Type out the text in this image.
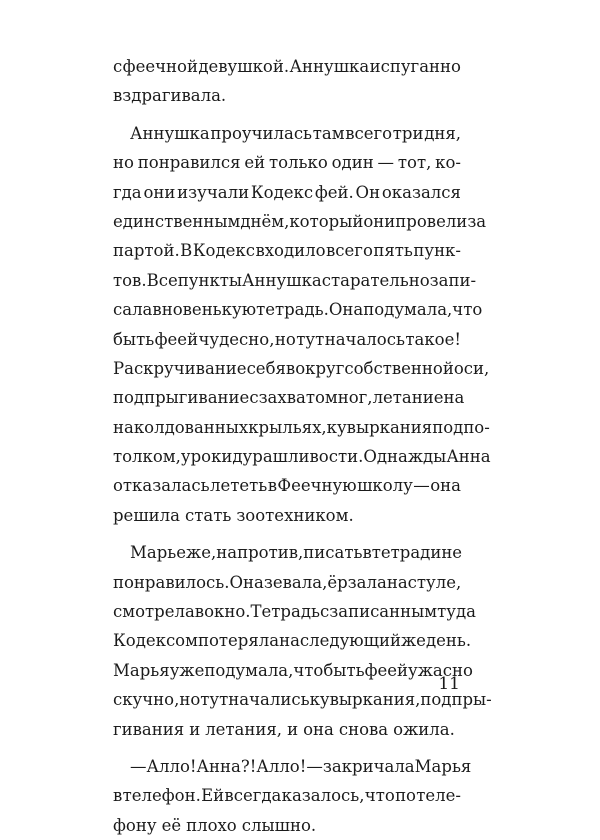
с феечной девушкой. Аннушка испуганно
вздрагивала.
Аннушка проучилась там всего три дня,
но понравился ей только один — тот, ко-
гда они изучали Кодекс фей. Он оказался
единственным днём, который они провели за
партой. В Кодекс входило всего пять пунк-
тов. Все пункты Аннушка старательно запи-
сала в новенькую тетрадь. Она подумала, что
быть феей чудесно, но тут началось такое!
Раскручивание себя вокруг собственной оси,
подпрыгивание с захватом ног, летание на
наколдованных крыльях, кувыркания под по-
толком, уроки дурашливости. Однажды Анна
отказалась лететь в Феечную школу — она
решила стать зоотехником.
Марье же, напротив, писать в тетради не
понравилось. Она зевала, ёрзала на стуле,
смотрела в окно. Тетрадь с записанным туда
Кодексом потеряла на следующий же день.
Марья уже подумала, что быть феей ужасно
скучно, но тут начались кувыркания, подпры-
гивания и летания, и она снова ожила.
— Алло! Анна?! Алло! — закричала Марья
в телефон. Ей всегда казалось, что по теле-
фону её плохо слышно.
11
